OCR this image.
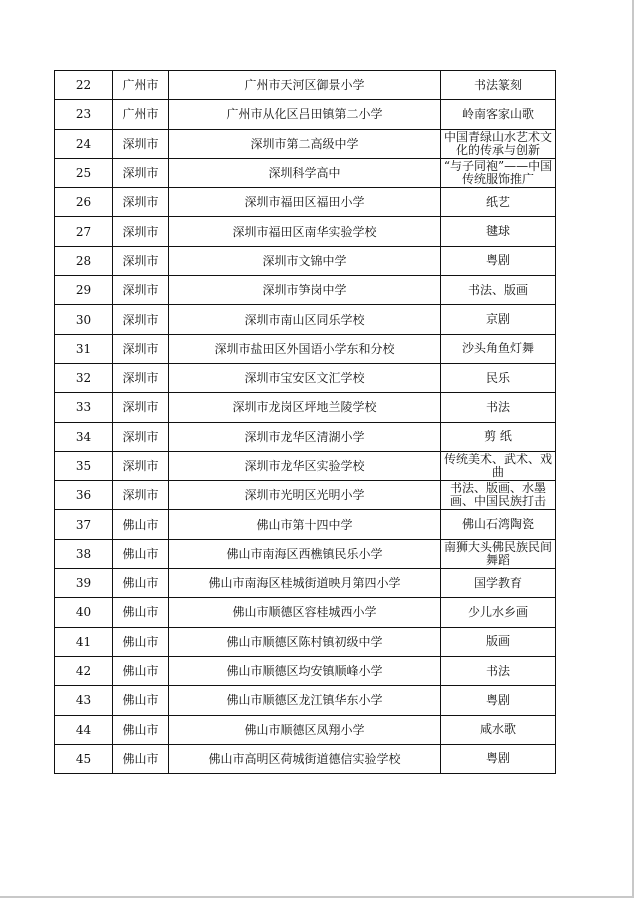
22	广州市	广州市天河区御景小学	书法篆刻

23	广州市	广州市从化区吕田镇第二小学	岭南客家山歌

24	深圳市	深圳市第二高级中学	中国青绿山水艺术文化的传承与创新

25	深圳市	深圳科学高中	“与子同袍”——中国传统服饰推广

26	深圳市	深圳市福田区福田小学	纸艺

27	深圳市	深圳市福田区南华实验学校	毽球

28	深圳市	深圳市文锦中学	粤剧

29	深圳市	深圳市笋岗中学	书法、版画

30	深圳市	深圳市南山区同乐学校	京剧

31	深圳市	深圳市盐田区外国语小学东和分校	沙头角鱼灯舞

32	深圳市	深圳市宝安区文汇学校	民乐

33	深圳市	深圳市龙岗区坪地兰陵学校	书法

34	深圳市	深圳市龙华区清湖小学	剪 纸

35	深圳市	深圳市龙华区实验学校	传统美术、武术、戏曲

36	深圳市	深圳市光明区光明小学	书法、版画、水墨画、中国民族打击

37	佛山市	佛山市第十四中学	佛山石湾陶瓷

38	佛山市	佛山市南海区西樵镇民乐小学	南狮大头佛民族民间舞蹈

39	佛山市	佛山市南海区桂城街道映月第四小学	国学教育

40	佛山市	佛山市顺德区容桂城西小学	少儿水乡画

41	佛山市	佛山市顺德区陈村镇初级中学	版画

42	佛山市	佛山市顺德区均安镇顺峰小学	书法

43	佛山市	佛山市顺德区龙江镇华东小学	粤剧

44	佛山市	佛山市顺德区凤翔小学	咸水歌

45	佛山市	佛山市高明区荷城街道德信实验学校	粤剧
